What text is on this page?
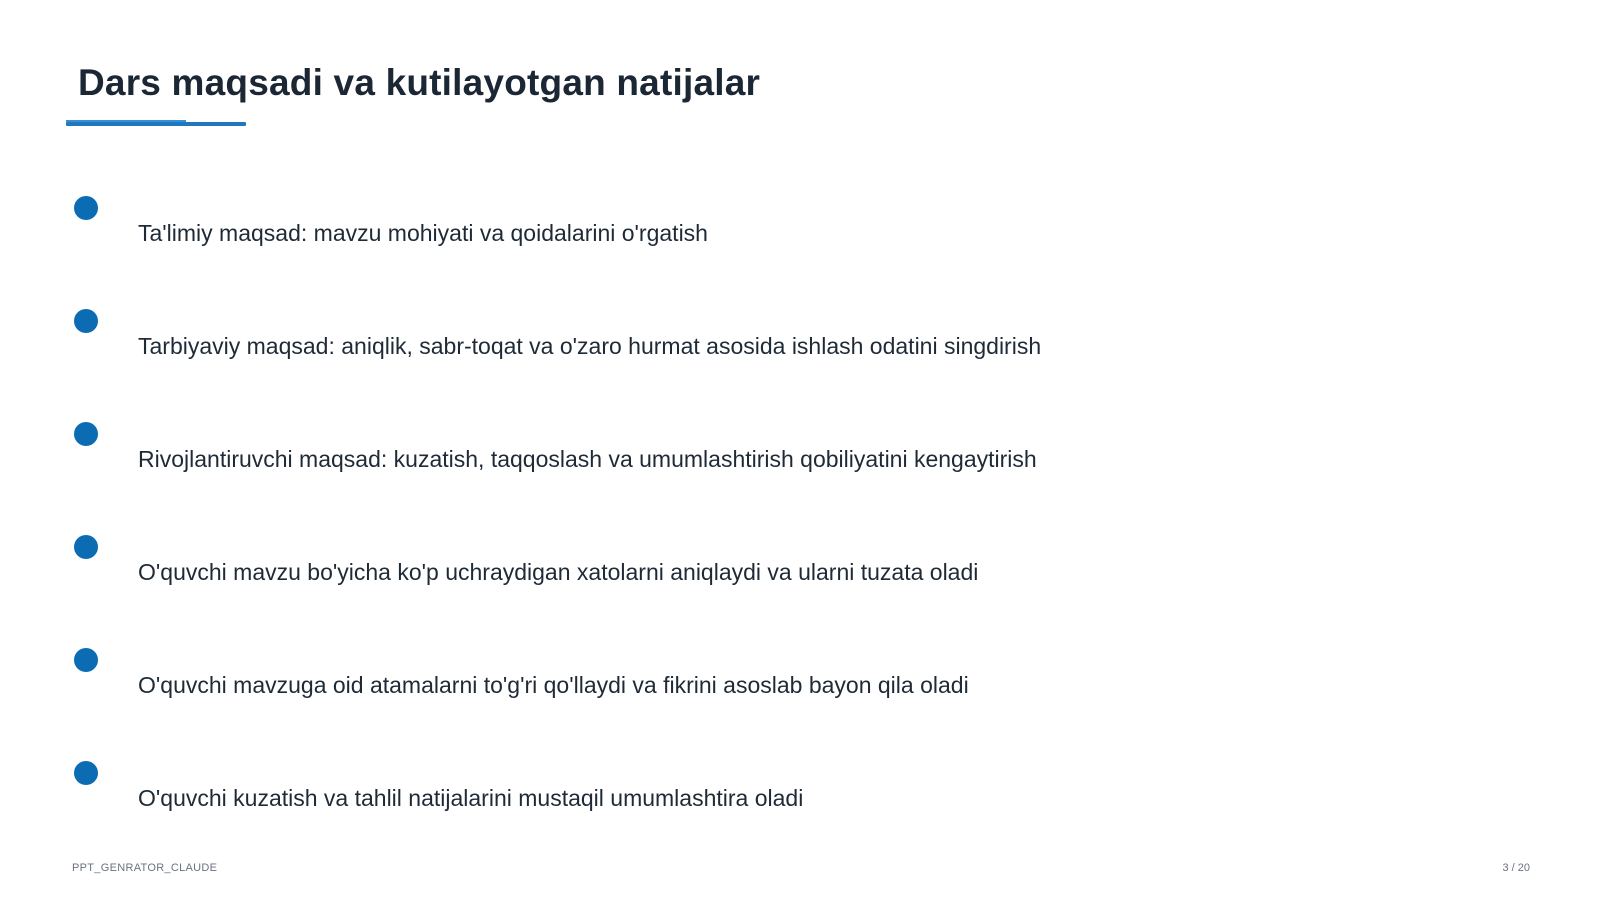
Dars maqsadi va kutilayotgan natijalar
Ta'limiy maqsad: mavzu mohiyati va qoidalarini o'rgatish
Tarbiyaviy maqsad: aniqlik, sabr-toqat va o'zaro hurmat asosida ishlash odatini singdirish
Rivojlantiruvchi maqsad: kuzatish, taqqoslash va umumlashtirish qobiliyatini kengaytirish
O'quvchi mavzu bo'yicha ko'p uchraydigan xatolarni aniqlaydi va ularni tuzata oladi
O'quvchi mavzuga oid atamalarni to'g'ri qo'llaydi va fikrini asoslab bayon qila oladi
O'quvchi kuzatish va tahlil natijalarini mustaqil umumlashtira oladi
PPT_GENRATOR_CLAUDE	3 / 20
